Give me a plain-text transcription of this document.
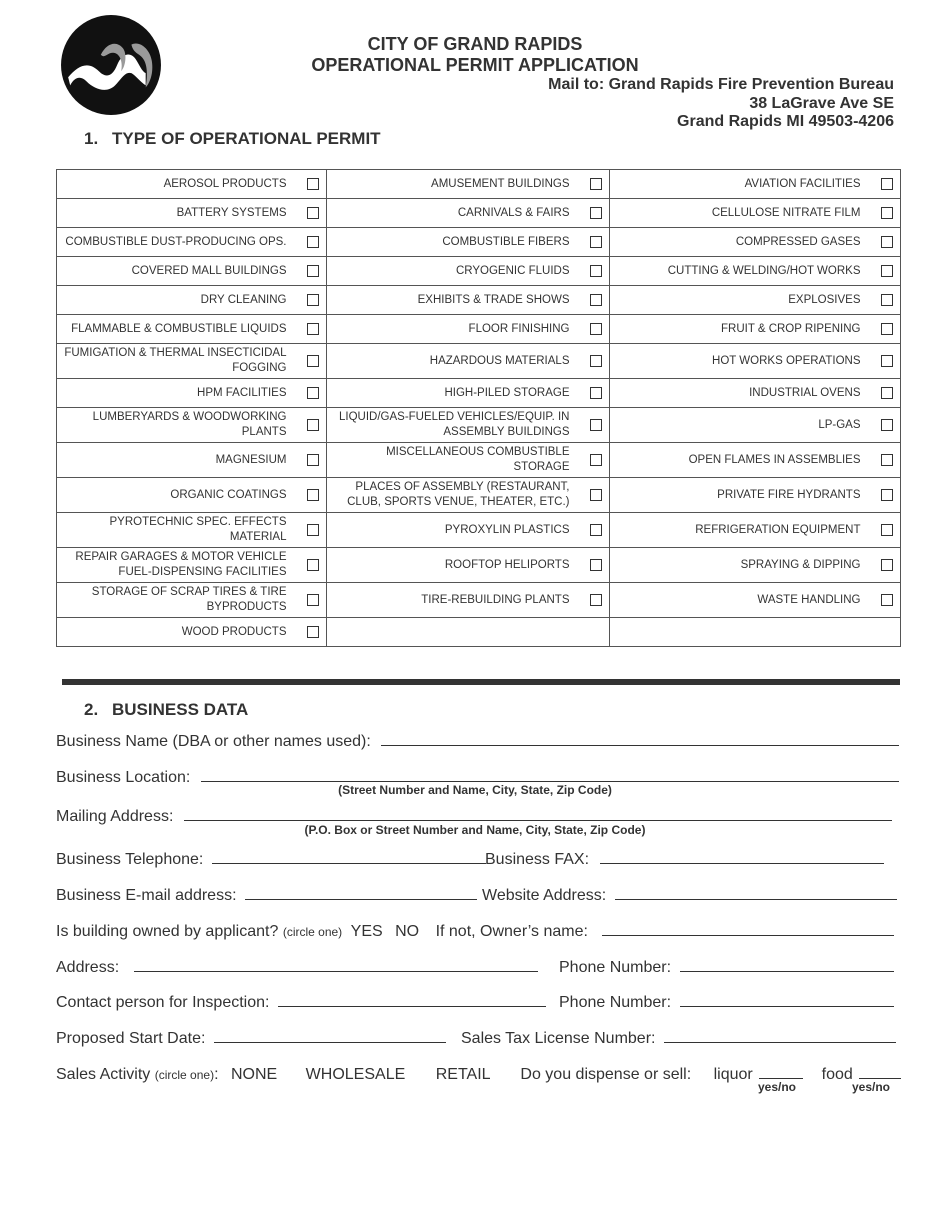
CITY OF GRAND RAPIDS
OPERATIONAL PERMIT APPLICATION
Mail to: Grand Rapids Fire Prevention Bureau
38 LaGrave Ave SE
Grand Rapids MI 49503-4206
1. TYPE OF OPERATIONAL PERMIT
AEROSOL PRODUCTS		AMUSEMENT BUILDINGS		AVIATION FACILITIES	
BATTERY SYSTEMS		CARNIVALS & FAIRS		CELLULOSE NITRATE FILM	
COMBUSTIBLE DUST-PRODUCING OPS.		COMBUSTIBLE FIBERS		COMPRESSED GASES	
COVERED MALL BUILDINGS		CRYOGENIC FLUIDS		CUTTING & WELDING/HOT WORKS	
DRY CLEANING		EXHIBITS & TRADE SHOWS		EXPLOSIVES	
FLAMMABLE & COMBUSTIBLE LIQUIDS		FLOOR FINISHING		FRUIT & CROP RIPENING	
FUMIGATION & THERMAL INSECTICIDAL FOGGING		HAZARDOUS MATERIALS		HOT WORKS OPERATIONS	
HPM FACILITIES		HIGH-PILED STORAGE		INDUSTRIAL OVENS	
LUMBERYARDS & WOODWORKING PLANTS		LIQUID/GAS-FUELED VEHICLES/EQUIP. IN ASSEMBLY BUILDINGS		LP-GAS	
MAGNESIUM		MISCELLANEOUS COMBUSTIBLE STORAGE		OPEN FLAMES IN ASSEMBLIES	
ORGANIC COATINGS		PLACES OF ASSEMBLY (RESTAURANT, CLUB, SPORTS VENUE, THEATER, ETC.)		PRIVATE FIRE HYDRANTS	
PYROTECHNIC SPEC. EFFECTS MATERIAL		PYROXYLIN PLASTICS		REFRIGERATION EQUIPMENT	
REPAIR GARAGES & MOTOR VEHICLE FUEL-DISPENSING FACILITIES		ROOFTOP HELIPORTS		SPRAYING & DIPPING	
STORAGE OF SCRAP TIRES & TIRE BYPRODUCTS		TIRE-REBUILDING PLANTS		WASTE HANDLING	
WOOD PRODUCTS					
2. BUSINESS DATA
Business Name (DBA or other names used):
Business Location:
(Street Number and Name, City, State, Zip Code)
Mailing Address:
(P.O. Box or Street Number and Name, City, State, Zip Code)
Business Telephone:	Business FAX:
Business E-mail address:	Website Address:
Is building owned by applicant? (circle one) YES NO If not, Owner’s name:
Address:	Phone Number:
Contact person for Inspection:	Phone Number:
Proposed Start Date:	Sales Tax License Number:
Sales Activity (circle one): NONE WHOLESALE RETAIL Do you dispense or sell: liquor	food
yes/no	yes/no
